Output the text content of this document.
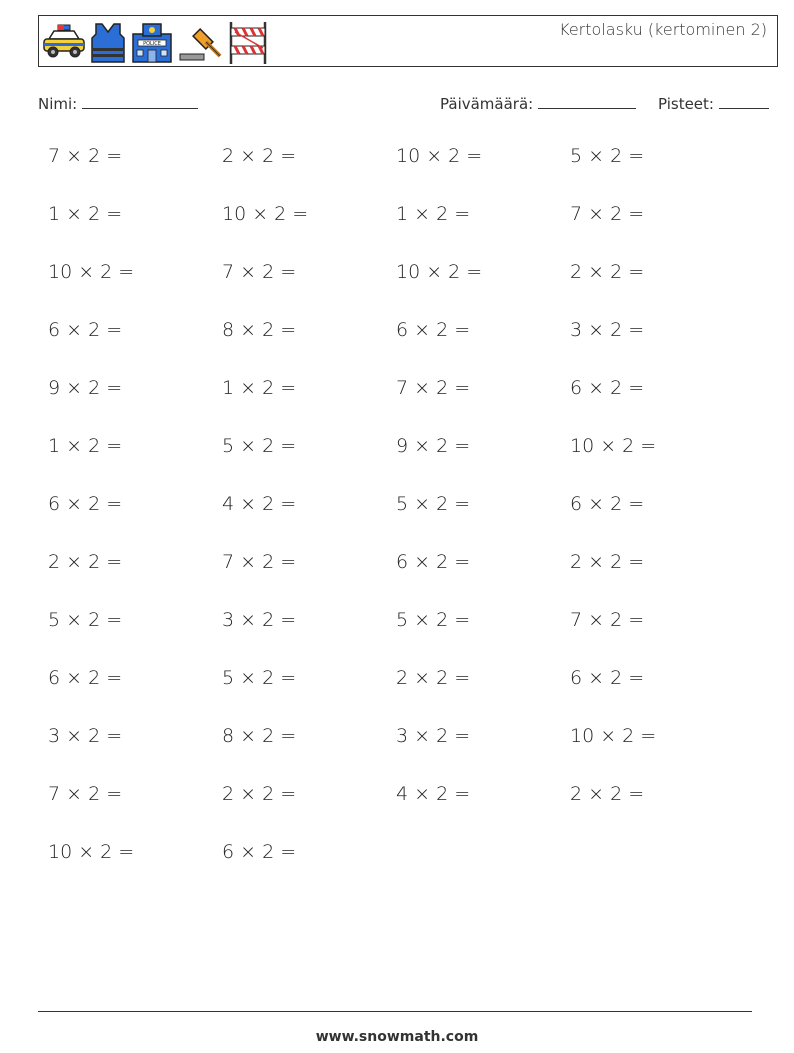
POLICE
Kertolasku (kertominen 2)
Nimi:	Päivämäärä:	Pisteet:
7 × 2 =	2 × 2 =	10 × 2 =	5 × 2 =
1 × 2 =	10 × 2 =	1 × 2 =	7 × 2 =
10 × 2 =	7 × 2 =	10 × 2 =	2 × 2 =
6 × 2 =	8 × 2 =	6 × 2 =	3 × 2 =
9 × 2 =	1 × 2 =	7 × 2 =	6 × 2 =
1 × 2 =	5 × 2 =	9 × 2 =	10 × 2 =
6 × 2 =	4 × 2 =	5 × 2 =	6 × 2 =
2 × 2 =	7 × 2 =	6 × 2 =	2 × 2 =
5 × 2 =	3 × 2 =	5 × 2 =	7 × 2 =
6 × 2 =	5 × 2 =	2 × 2 =	6 × 2 =
3 × 2 =	8 × 2 =	3 × 2 =	10 × 2 =
7 × 2 =	2 × 2 =	4 × 2 =	2 × 2 =
10 × 2 =	6 × 2 =
www.snowmath.com
